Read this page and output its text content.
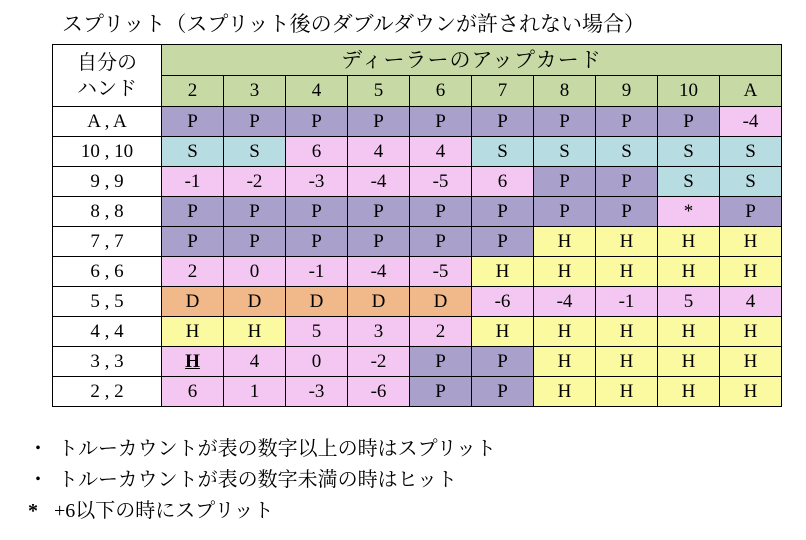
スプリット（スプリット後のダブルダウンが許されない場合）
自分の
ハンド	ディーラーのアップカード									
	2	3	4	5	6	7	8	9	10	A
A , A	P	P	P	P	P	P	P	P	P	-4
10 , 10	S	S	6	4	4	S	S	S	S	S
9 , 9	-1	-2	-3	-4	-5	6	P	P	S	S
8 , 8	P	P	P	P	P	P	P	P	*	P
7 , 7	P	P	P	P	P	P	H	H	H	H
6 , 6	2	0	-1	-4	-5	H	H	H	H	H
5 , 5	D	D	D	D	D	-6	-4	-1	5	4
4 , 4	H	H	5	3	2	H	H	H	H	H
3 , 3	H	4	0	-2	P	P	H	H	H	H
2 , 2	6	1	-3	-6	P	P	H	H	H	H
・ トルーカウントが表の数字以上の時はスプリット
・ トルーカウントが表の数字未満の時はヒット
* +6以下の時にスプリット
